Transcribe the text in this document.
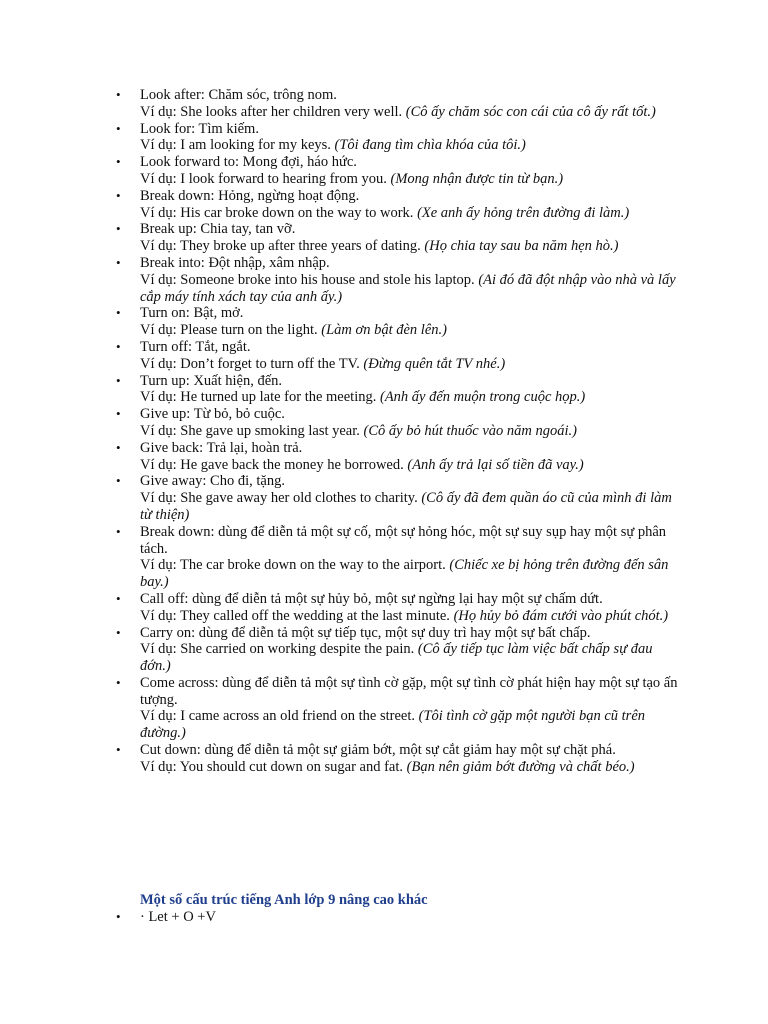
• Look after: Chăm sóc, trông nom.
Ví dụ: She looks after her children very well. (Cô ấy chăm sóc con cái của cô ấy rất tốt.)
• Look for: Tìm kiếm.
Ví dụ: I am looking for my keys. (Tôi đang tìm chìa khóa của tôi.)
• Look forward to: Mong đợi, háo hức.
Ví dụ: I look forward to hearing from you. (Mong nhận được tin từ bạn.)
• Break down: Hỏng, ngừng hoạt động.
Ví dụ: His car broke down on the way to work. (Xe anh ấy hỏng trên đường đi làm.)
• Break up: Chia tay, tan vỡ.
Ví dụ: They broke up after three years of dating. (Họ chia tay sau ba năm hẹn hò.)
• Break into: Đột nhập, xâm nhập.
Ví dụ: Someone broke into his house and stole his laptop. (Ai đó đã đột nhập vào nhà và lấy cắp máy tính xách tay của anh ấy.)
• Turn on: Bật, mở.
Ví dụ: Please turn on the light. (Làm ơn bật đèn lên.)
• Turn off: Tắt, ngắt.
Ví dụ: Don’t forget to turn off the TV. (Đừng quên tắt TV nhé.)
• Turn up: Xuất hiện, đến.
Ví dụ: He turned up late for the meeting. (Anh ấy đến muộn trong cuộc họp.)
• Give up: Từ bỏ, bỏ cuộc.
Ví dụ: She gave up smoking last year. (Cô ấy bỏ hút thuốc vào năm ngoái.)
• Give back: Trả lại, hoàn trả.
Ví dụ: He gave back the money he borrowed. (Anh ấy trả lại số tiền đã vay.)
• Give away: Cho đi, tặng.
Ví dụ: She gave away her old clothes to charity. (Cô ấy đã đem quần áo cũ của mình đi làm từ thiện)
• Break down: dùng để diễn tả một sự cố, một sự hỏng hóc, một sự suy sụp hay một sự phân tách.
Ví dụ: The car broke down on the way to the airport. (Chiếc xe bị hỏng trên đường đến sân bay.)
• Call off: dùng để diễn tả một sự hủy bỏ, một sự ngừng lại hay một sự chấm dứt.
Ví dụ: They called off the wedding at the last minute. (Họ hủy bỏ đám cưới vào phút chót.)
• Carry on: dùng để diễn tả một sự tiếp tục, một sự duy trì hay một sự bất chấp.
Ví dụ: She carried on working despite the pain. (Cô ấy tiếp tục làm việc bất chấp sự đau đớn.)
• Come across: dùng để diễn tả một sự tình cờ gặp, một sự tình cờ phát hiện hay một sự tạo ấn tượng.
Ví dụ: I came across an old friend on the street. (Tôi tình cờ gặp một người bạn cũ trên đường.)
• Cut down: dùng để diễn tả một sự giảm bớt, một sự cắt giảm hay một sự chặt phá.
Ví dụ: You should cut down on sugar and fat. (Bạn nên giảm bớt đường và chất béo.)
Một số cấu trúc tiếng Anh lớp 9 nâng cao khác
• · Let + O +V
